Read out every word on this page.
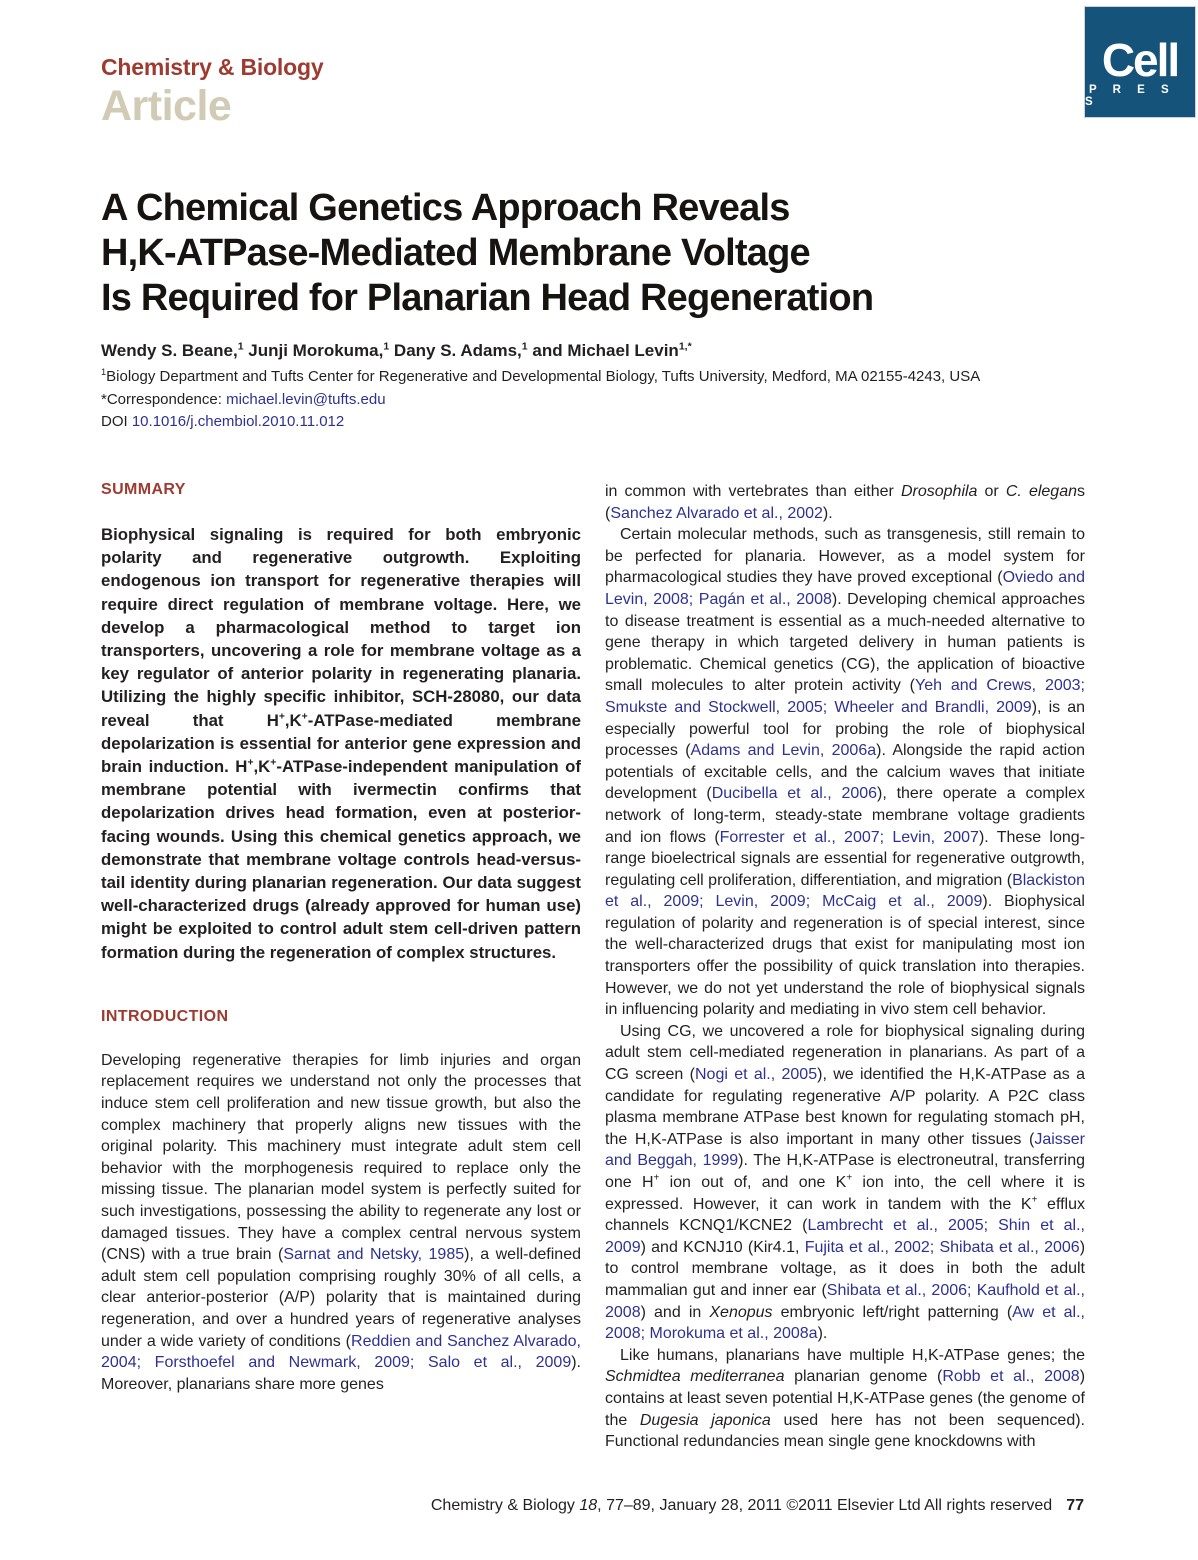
Chemistry & Biology
Article
Cell
P R E S S
A Chemical Genetics Approach Reveals
H,K-ATPase-Mediated Membrane Voltage
Is Required for Planarian Head Regeneration

Wendy S. Beane,$^1$ Junji Morokuma,$^1$ Dany S. Adams,$^1$ and Michael Levin$^{1,*}$

$^1$Biology Department and Tufts Center for Regenerative and Developmental Biology, Tufts University, Medford, MA 02155-4243, USA

*Correspondence: michael.levin@tufts.edu

DOI 10.1016/j.chembiol.2010.11.012

SUMMARY

Biophysical signaling is required for both embryonic polarity and regenerative outgrowth. Exploiting endogenous ion transport for regenerative therapies will require direct regulation of membrane voltage. Here, we develop a pharmacological method to target ion transporters, uncovering a role for membrane voltage as a key regulator of anterior polarity in regenerating planaria. Utilizing the highly specific inhibitor, SCH-28080, our data reveal that H+,K+-ATPase-mediated membrane depolarization is essential for anterior gene expression and brain induction. H+,K+-ATPase-independent manipulation of membrane potential with ivermectin confirms that depolarization drives head formation, even at posterior-facing wounds. Using this chemical genetics approach, we demonstrate that membrane voltage controls head-versus-tail identity during planarian regeneration. Our data suggest well-characterized drugs (already approved for human use) might be exploited to control adult stem cell-driven pattern formation during the regeneration of complex structures.

INTRODUCTION

Developing regenerative therapies for limb injuries and organ replacement requires we understand not only the processes that induce stem cell proliferation and new tissue growth, but also the complex machinery that properly aligns new tissues with the original polarity. This machinery must integrate adult stem cell behavior with the morphogenesis required to replace only the missing tissue. The planarian model system is perfectly suited for such investigations, possessing the ability to regenerate any lost or damaged tissues. They have a complex central nervous system (CNS) with a true brain (Sarnat and Netsky, 1985), a well-defined adult stem cell population comprising roughly 30% of all cells, a clear anterior-posterior (A/P) polarity that is maintained during regeneration, and over a hundred years of regenerative analyses under a wide variety of conditions (Reddien and Sanchez Alvarado, 2004; Forsthoefel and Newmark, 2009; Salo et al., 2009). Moreover, planarians share more genes

in common with vertebrates than either Drosophila or C. elegans (Sanchez Alvarado et al., 2002).

Certain molecular methods, such as transgenesis, still remain to be perfected for planaria. However, as a model system for pharmacological studies they have proved exceptional (Oviedo and Levin, 2008; Pagán et al., 2008). Developing chemical approaches to disease treatment is essential as a much-needed alternative to gene therapy in which targeted delivery in human patients is problematic. Chemical genetics (CG), the application of bioactive small molecules to alter protein activity (Yeh and Crews, 2003; Smukste and Stockwell, 2005; Wheeler and Brandli, 2009), is an especially powerful tool for probing the role of biophysical processes (Adams and Levin, 2006a). Alongside the rapid action potentials of excitable cells, and the calcium waves that initiate development (Ducibella et al., 2006), there operate a complex network of long-term, steady-state membrane voltage gradients and ion flows (Forrester et al., 2007; Levin, 2007). These long-range bioelectrical signals are essential for regenerative outgrowth, regulating cell proliferation, differentiation, and migration (Blackiston et al., 2009; Levin, 2009; McCaig et al., 2009). Biophysical regulation of polarity and regeneration is of special interest, since the well-characterized drugs that exist for manipulating most ion transporters offer the possibility of quick translation into therapies. However, we do not yet understand the role of biophysical signals in influencing polarity and mediating in vivo stem cell behavior.

Using CG, we uncovered a role for biophysical signaling during adult stem cell-mediated regeneration in planarians. As part of a CG screen (Nogi et al., 2005), we identified the H,K-ATPase as a candidate for regulating regenerative A/P polarity. A P2C class plasma membrane ATPase best known for regulating stomach pH, the H,K-ATPase is also important in many other tissues (Jaisser and Beggah, 1999). The H,K-ATPase is electroneutral, transferring one H+ ion out of, and one K+ ion into, the cell where it is expressed. However, it can work in tandem with the K+ efflux channels KCNQ1/KCNE2 (Lambrecht et al., 2005; Shin et al., 2009) and KCNJ10 (Kir4.1, Fujita et al., 2002; Shibata et al., 2006) to control membrane voltage, as it does in both the adult mammalian gut and inner ear (Shibata et al., 2006; Kaufhold et al., 2008) and in Xenopus embryonic left/right patterning (Aw et al., 2008; Morokuma et al., 2008a).

Like humans, planarians have multiple H,K-ATPase genes; the Schmidtea mediterranea planarian genome (Robb et al., 2008) contains at least seven potential H,K-ATPase genes (the genome of the Dugesia japonica used here has not been sequenced). Functional redundancies mean single gene knockdowns with

Chemistry & Biology 18, 77–89, January 28, 2011 ©2011 Elsevier Ltd All rights reserved 77
